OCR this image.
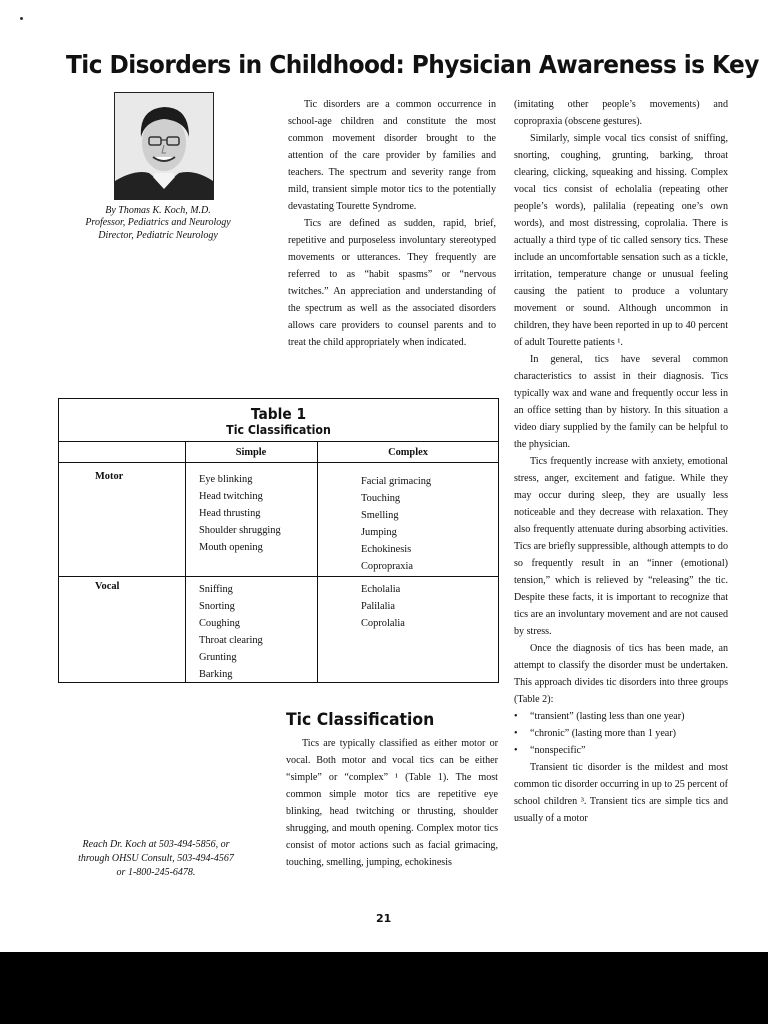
Tic Disorders in Childhood: Physician Awareness is Key
By Thomas K. Koch, M.D.
Professor, Pediatrics and Neurology
Director, Pediatric Neurology

Tic disorders are a common occurrence in school-age children and constitute the most common movement disorder brought to the attention of the care provider by families and teachers. The spectrum and severity range from mild, transient simple motor tics to the potentially devastating Tourette Syndrome.

Tics are defined as sudden, rapid, brief, repetitive and purposeless involuntary stereotyped movements or utterances. They frequently are referred to as “habit spasms” or “nervous twitches.” An appreciation and understanding of the spectrum as well as the associated disorders allows care providers to counsel parents and to treat the child appropriately when indicated.

Table 1
Tic Classification
Simple	Complex
Motor
Vocal
Eye blinking
Head twitching
Head thrusting
Shoulder shrugging
Mouth opening
Facial grimacing
Touching
Smelling
Jumping
Echokinesis
Copropraxia
Sniffing
Snorting
Coughing
Throat clearing
Grunting
Barking
Echolalia
Palilalia
Coprolalia
Tic Classification

Tics are typically classified as either motor or vocal. Both motor and vocal tics can be either “simple” or “complex” ¹ (Table 1). The most common simple motor tics are repetitive eye blinking, head twitching or thrusting, shoulder shrugging, and mouth opening. Complex motor tics consist of motor actions such as facial grimacing, touching, smelling, jumping, echokinesis

(imitating other people’s movements) and copropraxia (obscene gestures).

Similarly, simple vocal tics consist of sniffing, snorting, coughing, grunting, barking, throat clearing, clicking, squeaking and hissing. Complex vocal tics consist of echolalia (repeating other people’s words), palilalia (repeating one’s own words), and most distressing, coprolalia. There is actually a third type of tic called sensory tics. These include an uncomfortable sensation such as a tickle, irritation, temperature change or unusual feeling causing the patient to produce a voluntary movement or sound. Although uncommon in children, they have been reported in up to 40 percent of adult Tourette patients ¹.

In general, tics have several common characteristics to assist in their diagnosis. Tics typically wax and wane and frequently occur less in an office setting than by history. In this situation a video diary supplied by the family can be helpful to the physician.

Tics frequently increase with anxiety, emotional stress, anger, excitement and fatigue. While they may occur during sleep, they are usually less noticeable and they decrease with relaxation. They also frequently attenuate during absorbing activities. Tics are briefly suppressible, although attempts to do so frequently result in an “inner (emotional) tension,” which is relieved by “releasing” the tic. Despite these facts, it is important to recognize that tics are an involuntary movement and are not caused by stress.

Once the diagnosis of tics has been made, an attempt to classify the disorder must be undertaken. This approach divides tic disorders into three groups (Table 2):

• “transient” (lasting less than one year)
• “chronic” (lasting more than 1 year)
• “nonspecific”

Transient tic disorder is the mildest and most common tic disorder occurring in up to 25 percent of school children ³. Transient tics are simple tics and usually of a motor

Reach Dr. Koch at 503-494-5856, or
through OHSU Consult, 503-494-4567
or 1-800-245-6478.
21
